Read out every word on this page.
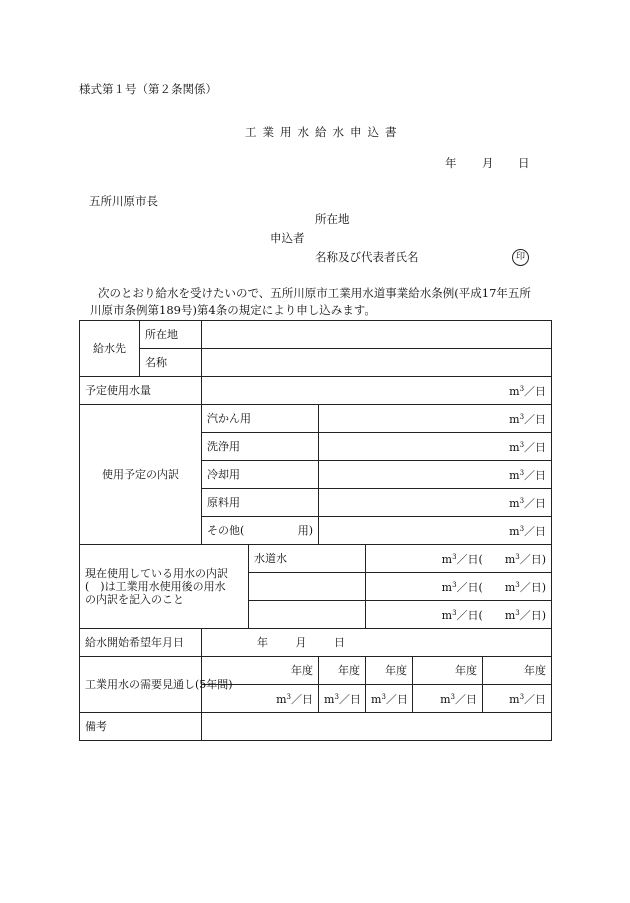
様式第１号（第２条関係）
工業用水給水申込書
年 月 日
五所川原市長
所在地
申込者
名称及び代表者氏名	印
次のとおり給水を受けたいので、五所川原市工業用水道事業給水条例(平成17年五所
川原市条例第189号)第4条の規定により申し込みます。
給水先	所在地						

	名称						
予定使用水量		$m^3/$日					
使用予定の内訳		汽かん用		$m^3/$日			
		洗浄用		$m^3/$日			
		冷却用		$m^3/$日			
		原料用		$m^3/$日			

		その他( 用)		$m^3/$日			
現在使用している用水の内訳
(　)は工業用水使用後の用水
の内訳を記入のこと			水道水		$m^3/$日(   $m^3/$日)		
					$m^3/$日(   $m^3/$日)		
					$m^3/$日(   $m^3/$日)		
給水開始希望年月日		年    月    日					
工業用水の需要見通し(5年間)		年度		年度	年度	年度	年度
		$m^3/$日		$m^3/$日	$m^3/$日	$m^3/$日	$m^3/$日
備考							
